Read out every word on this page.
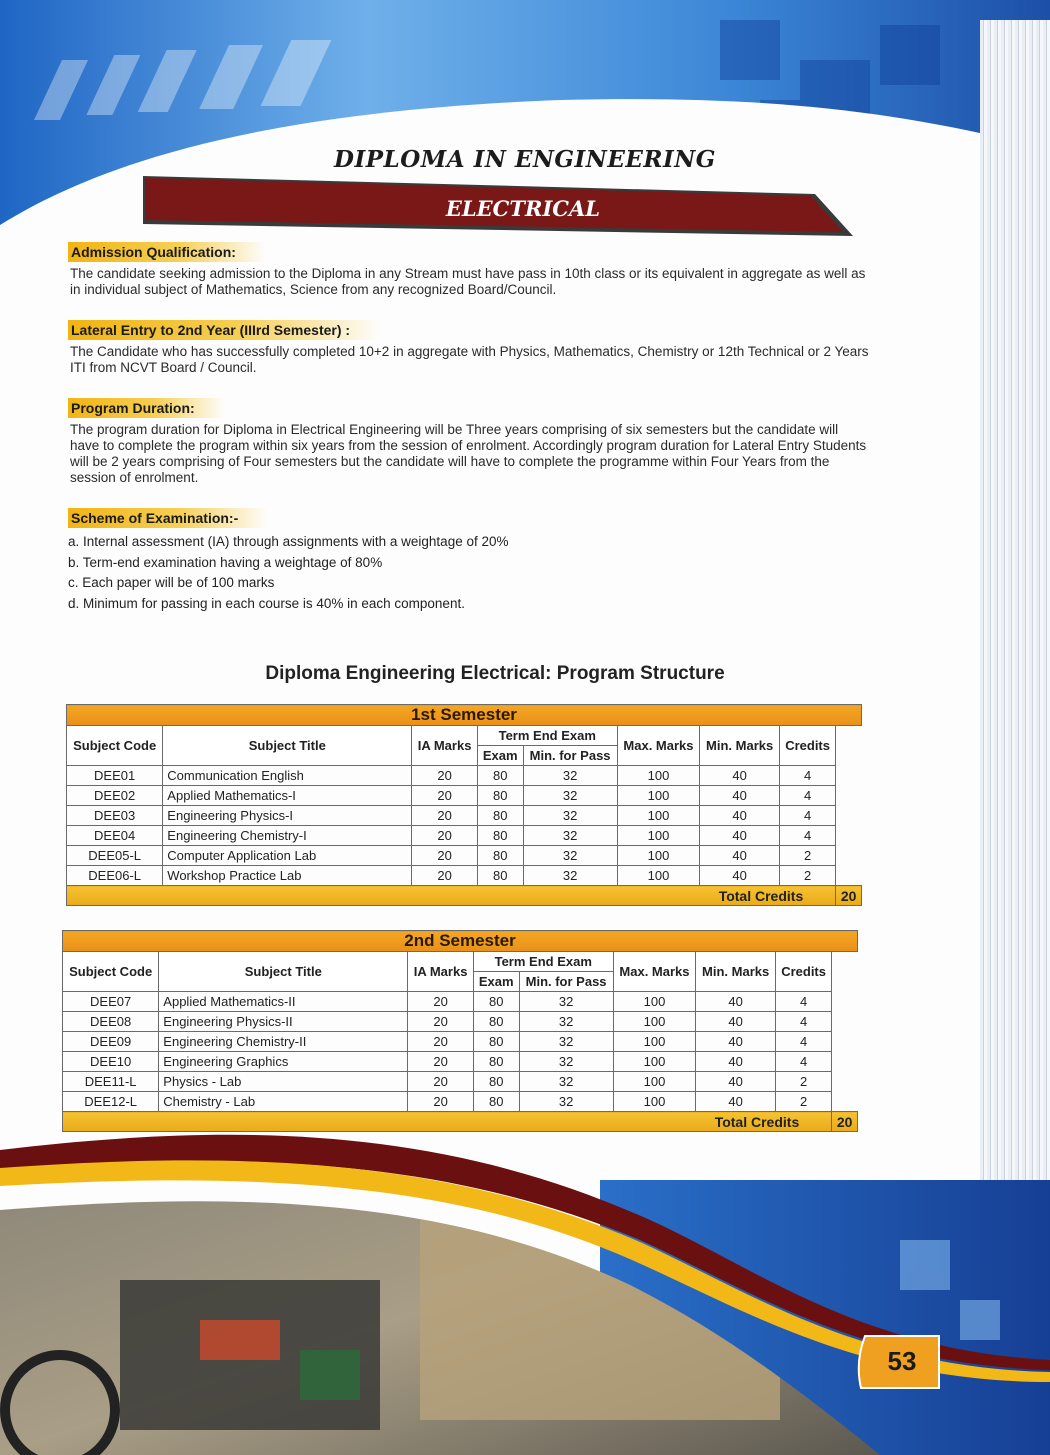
DIPLOMA IN ENGINEERING
ELECTRICAL
Admission Qualification:
The candidate seeking admission to the Diploma in any Stream must have pass in 10th class or its equivalent in aggregate as well as in individual subject of Mathematics, Science from any recognized Board/Council.
Lateral Entry to 2nd Year (IIIrd Semester) :
The Candidate who has successfully completed 10+2 in aggregate with Physics, Mathematics, Chemistry or 12th Technical or 2 Years ITI from NCVT Board / Council.
Program Duration:
The program duration for Diploma in Electrical Engineering will be Three years comprising of six semesters but the candidate will have to complete the program within six years from the session of enrolment. Accordingly program duration for Lateral Entry Students will be 2 years comprising of Four semesters but the candidate will have to complete the programme within Four Years from the session of enrolment.
Scheme of Examination:-
a. Internal assessment (IA) through assignments with a weightage of 20%
b. Term-end examination having a weightage of 80%
c. Each paper will be of 100 marks
d. Minimum for passing in each course is 40% in each component.
Diploma Engineering Electrical: Program Structure
1st Semester								
Subject Code	Subject Title	IA Marks	Term End Exam		Max. Marks	Min. Marks	Credits	
			Exam	Min. for Pass				
DEE01	Communication English	20	80	32	100	40	4	
DEE02	Applied Mathematics-I	20	80	32	100	40	4	
DEE03	Engineering Physics-I	20	80	32	100	40	4	
DEE04	Engineering Chemistry-I	20	80	32	100	40	4	
DEE05-L	Computer Application Lab	20	80	32	100	40	2	
DEE06-L	Workshop Practice Lab	20	80	32	100	40	2	
Total Credits								20
2nd Semester								
Subject Code	Subject Title	IA Marks	Term End Exam		Max. Marks	Min. Marks	Credits	
			Exam	Min. for Pass				
DEE07	Applied Mathematics-II	20	80	32	100	40	4	
DEE08	Engineering Physics-II	20	80	32	100	40	4	
DEE09	Engineering Chemistry-II	20	80	32	100	40	4	
DEE10	Engineering Graphics	20	80	32	100	40	4	
DEE11-L	Physics - Lab	20	80	32	100	40	2	
DEE12-L	Chemistry - Lab	20	80	32	100	40	2	
Total Credits								20
53
